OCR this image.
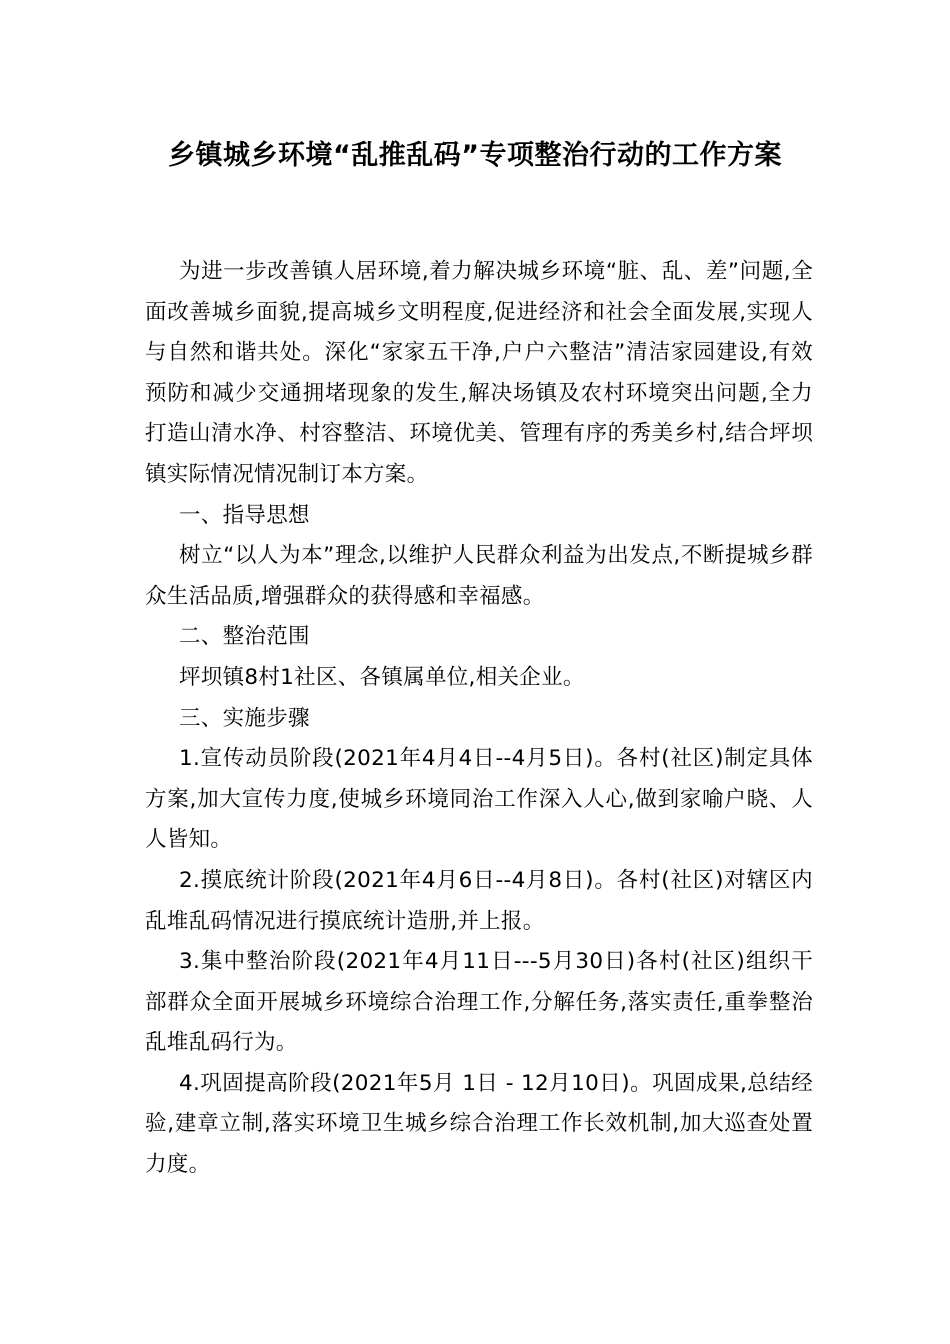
乡镇城乡环境“乱推乱码”专项整治行动的工作方案

为进一步改善镇人居环境,着力解决城乡环境“脏、乱、差”问题,全面改善城乡面貌,提高城乡文明程度,促进经济和社会全面发展,实现人与自然和谐共处。深化“家家五干净,户户六整洁”清洁家园建设,有效预防和减少交通拥堵现象的发生,解决场镇及农村环境突出问题,全力打造山清水净、村容整洁、环境优美、管理有序的秀美乡村,结合坪坝镇实际情况情况制订本方案。

一、指导思想

树立“以人为本”理念,以维护人民群众利益为出发点,不断提城乡群众生活品质,增强群众的获得感和幸福感。

二、整治范围

坪坝镇8村1社区、各镇属单位,相关企业。

三、实施步骤

1.宣传动员阶段(2021年4月4日--4月5日)。各村(社区)制定具体方案,加大宣传力度,使城乡环境同治工作深入人心,做到家喻户晓、人人皆知。

2.摸底统计阶段(2021年4月6日--4月8日)。各村(社区)对辖区内乱堆乱码情况进行摸底统计造册,并上报。

3.集中整治阶段(2021年4月11日---5月30日)各村(社区)组织干部群众全面开展城乡环境综合治理工作,分解任务,落实责任,重拳整治乱堆乱码行为。

4.巩固提高阶段(2021年5月 1日 - 12月10日)。巩固成果,总结经验,建章立制,落实环境卫生城乡综合治理工作长效机制,加大巡查处置力度。
